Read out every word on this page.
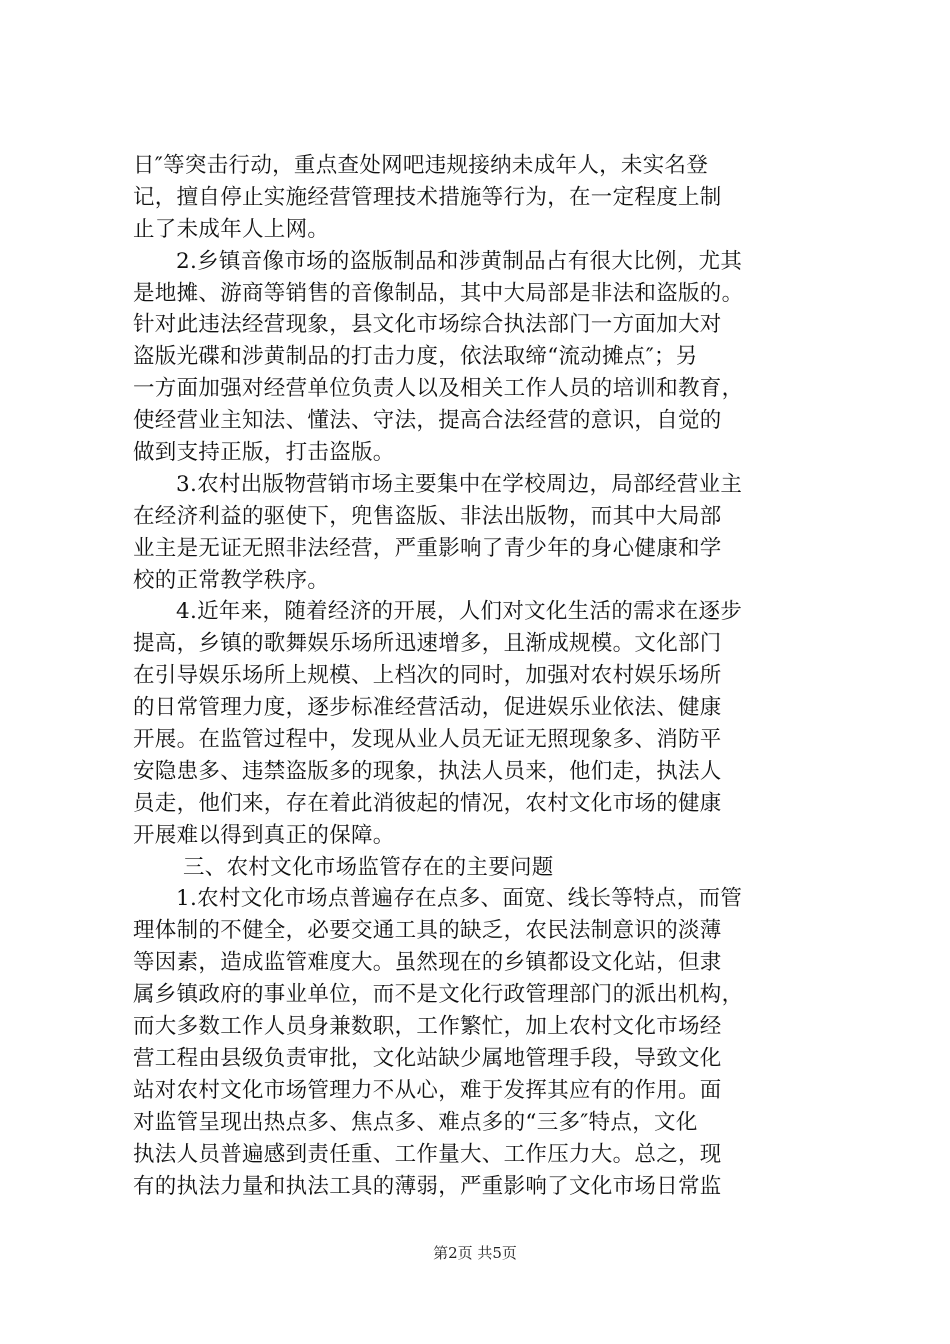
日″等突击行动，重点查处网吧违规接纳未成年人，未实名登
记，擅自停止实施经营管理技术措施等行为，在一定程度上制
止了未成年人上网。
2.乡镇音像市场的盗版制品和涉黄制品占有很大比例，尤其
是地摊、游商等销售的音像制品，其中大局部是非法和盗版的。
针对此违法经营现象，县文化市场综合执法部门一方面加大对
盗版光碟和涉黄制品的打击力度，依法取缔“流动摊点″；另
一方面加强对经营单位负责人以及相关工作人员的培训和教育，
使经营业主知法、懂法、守法，提高合法经营的意识，自觉的
做到支持正版，打击盗版。
3.农村出版物营销市场主要集中在学校周边，局部经营业主
在经济利益的驱使下，兜售盗版、非法出版物，而其中大局部
业主是无证无照非法经营，严重影响了青少年的身心健康和学
校的正常教学秩序。
4.近年来，随着经济的开展，人们对文化生活的需求在逐步
提高，乡镇的歌舞娱乐场所迅速增多，且渐成规模。文化部门
在引导娱乐场所上规模、上档次的同时，加强对农村娱乐场所
的日常管理力度，逐步标准经营活动，促进娱乐业依法、健康
开展。在监管过程中，发现从业人员无证无照现象多、消防平
安隐患多、违禁盗版多的现象，执法人员来，他们走，执法人
员走，他们来，存在着此消彼起的情况，农村文化市场的健康
开展难以得到真正的保障。
三、农村文化市场监管存在的主要问题
1.农村文化市场点普遍存在点多、面宽、线长等特点，而管
理体制的不健全，必要交通工具的缺乏，农民法制意识的淡薄
等因素，造成监管难度大。虽然现在的乡镇都设文化站，但隶
属乡镇政府的事业单位，而不是文化行政管理部门的派出机构，
而大多数工作人员身兼数职，工作繁忙，加上农村文化市场经
营工程由县级负责审批，文化站缺少属地管理手段，导致文化
站对农村文化市场管理力不从心，难于发挥其应有的作用。面
对监管呈现出热点多、焦点多、难点多的“三多″特点，文化
执法人员普遍感到责任重、工作量大、工作压力大。总之，现
有的执法力量和执法工具的薄弱，严重影响了文化市场日常监
第2页 共5页
